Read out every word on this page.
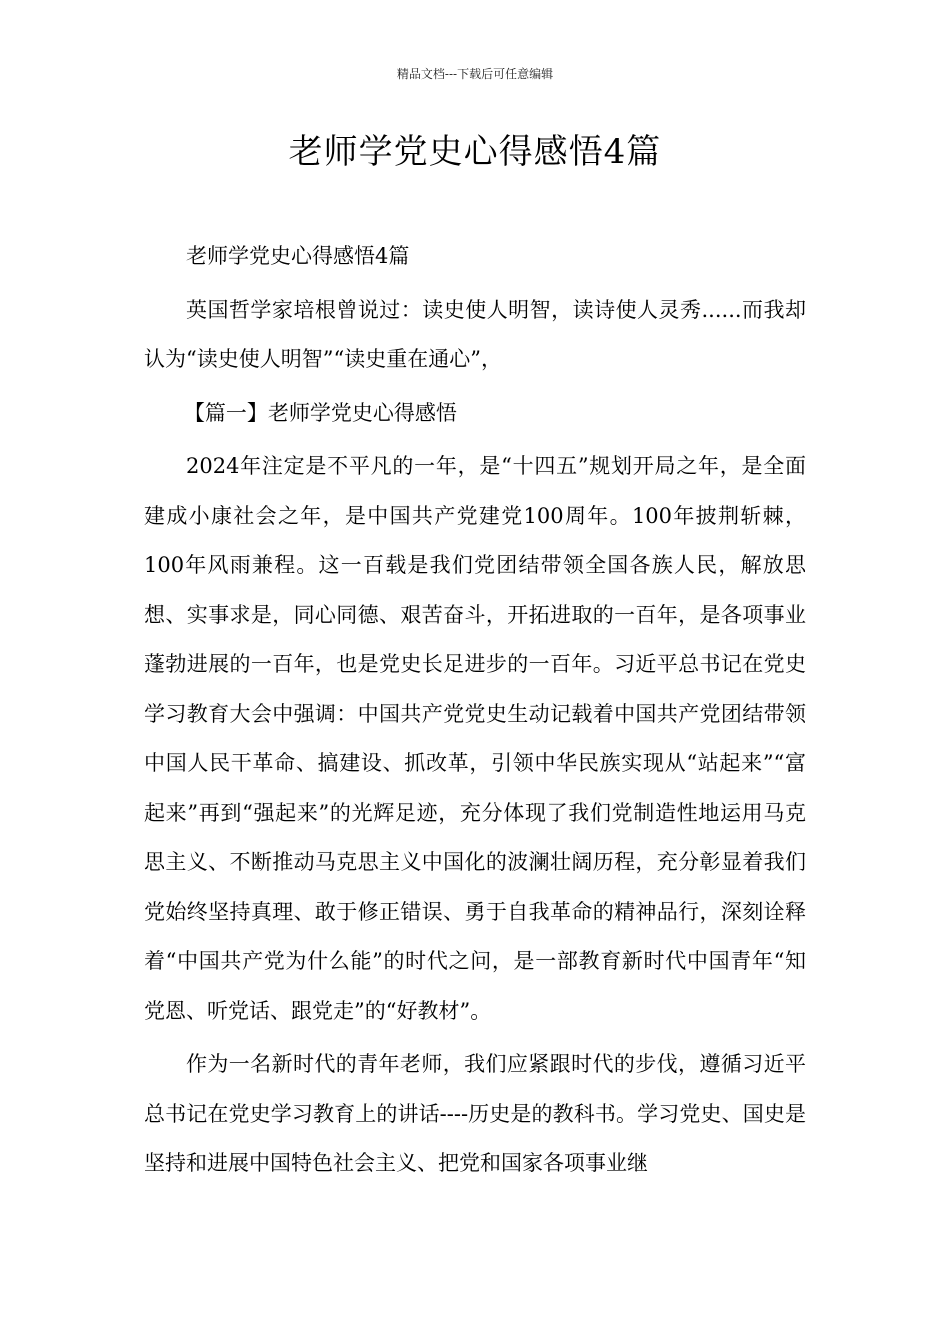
精品文档---下载后可任意编辑
老师学党史心得感悟4篇

老师学党史心得感悟4篇

英国哲学家培根曾说过：读史使人明智，读诗使人灵秀......而我却认为“读史使人明智”“读史重在通心”，

【篇一】老师学党史心得感悟

2024年注定是不平凡的一年，是“十四五”规划开局之年，是全面建成小康社会之年，是中国共产党建党100周年。100年披荆斩棘，100年风雨兼程。这一百载是我们党团结带领全国各族人民，解放思想、实事求是，同心同德、艰苦奋斗，开拓进取的一百年，是各项事业蓬勃进展的一百年，也是党史长足进步的一百年。习近平总书记在党史学习教育大会中强调：中国共产党党史生动记载着中国共产党团结带领中国人民干革命、搞建设、抓改革，引领中华民族实现从“站起来”“富起来”再到“强起来”的光辉足迹，充分体现了我们党制造性地运用马克思主义、不断推动马克思主义中国化的波澜壮阔历程，充分彰显着我们党始终坚持真理、敢于修正错误、勇于自我革命的精神品行，深刻诠释着“中国共产党为什么能”的时代之问，是一部教育新时代中国青年“知党恩、听党话、跟党走”的“好教材”。

作为一名新时代的青年老师，我们应紧跟时代的步伐，遵循习近平总书记在党史学习教育上的讲话----历史是的教科书。学习党史、国史是坚持和进展中国特色社会主义、把党和国家各项事业继
